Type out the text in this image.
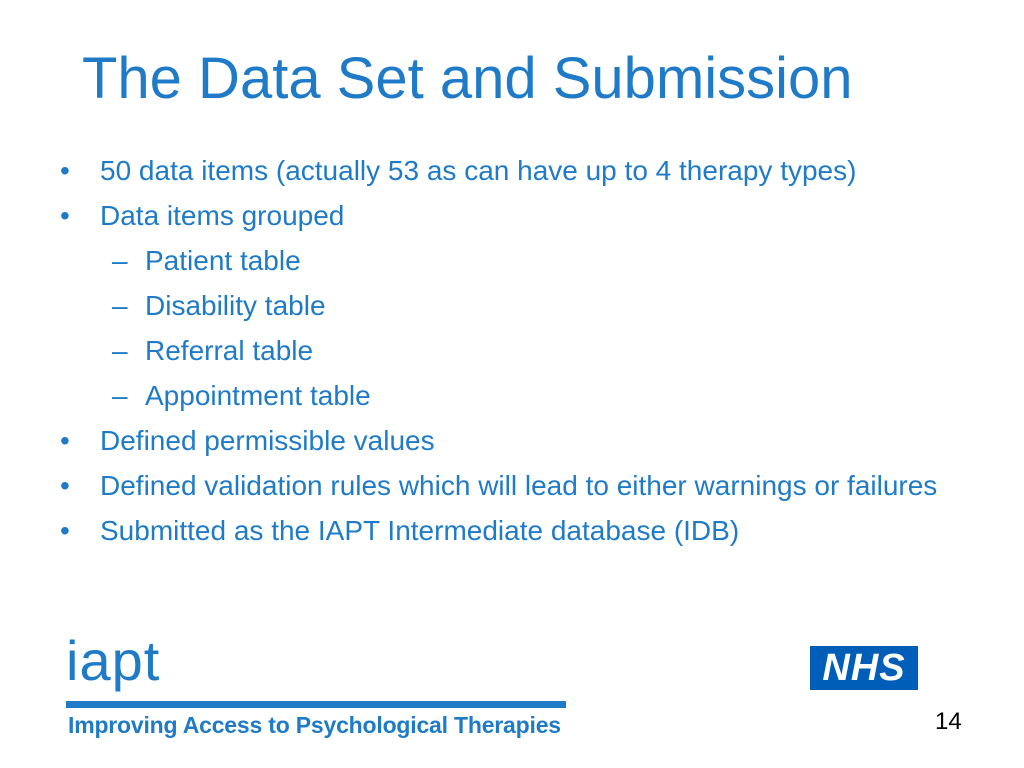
The Data Set and Submission
• 50 data items (actually 53 as can have up to 4 therapy types)
• Data items grouped
– Patient table
– Disability table
– Referral table
– Appointment table
• Defined permissible values
• Defined validation rules which will lead to either warnings or failures
• Submitted as the IAPT Intermediate database (IDB)
iapt
Improving Access to Psychological Therapies
NHS
14
